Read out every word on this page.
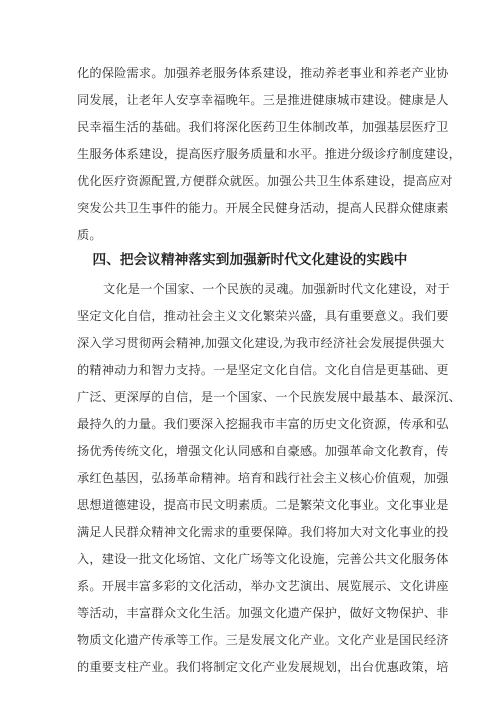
化的保险需求。加强养老服务体系建设，推动养老事业和养老产业协
同发展，让老年人安享幸福晚年。三是推进健康城市建设。健康是人
民幸福生活的基础。我们将深化医药卫生体制改革，加强基层医疗卫
生服务体系建设，提高医疗服务质量和水平。推进分级诊疗制度建设，
优化医疗资源配置,方便群众就医。加强公共卫生体系建设，提高应对
突发公共卫生事件的能力。开展全民健身活动，提高人民群众健康素
质。
四、把会议精神落实到加强新时代文化建设的实践中
文化是一个国家、一个民族的灵魂。加强新时代文化建设，对于
坚定文化自信，推动社会主义文化繁荣兴盛，具有重要意义。我们要
深入学习贯彻两会精神,加强文化建设,为我市经济社会发展提供强大
的精神动力和智力支持。一是坚定文化自信。文化自信是更基础、更
广泛、更深厚的自信，是一个国家、一个民族发展中最基本、最深沉、
最持久的力量。我们要深入挖掘我市丰富的历史文化资源，传承和弘
扬优秀传统文化，增强文化认同感和自豪感。加强革命文化教育，传
承红色基因，弘扬革命精神。培育和践行社会主义核心价值观，加强
思想道德建设，提高市民文明素质。二是繁荣文化事业。文化事业是
满足人民群众精神文化需求的重要保障。我们将加大对文化事业的投
入，建设一批文化场馆、文化广场等文化设施，完善公共文化服务体
系。开展丰富多彩的文化活动，举办文艺演出、展览展示、文化讲座
等活动，丰富群众文化生活。加强文化遗产保护，做好文物保护、非
物质文化遗产传承等工作。三是发展文化产业。文化产业是国民经济
的重要支柱产业。我们将制定文化产业发展规划，出台优惠政策，培
